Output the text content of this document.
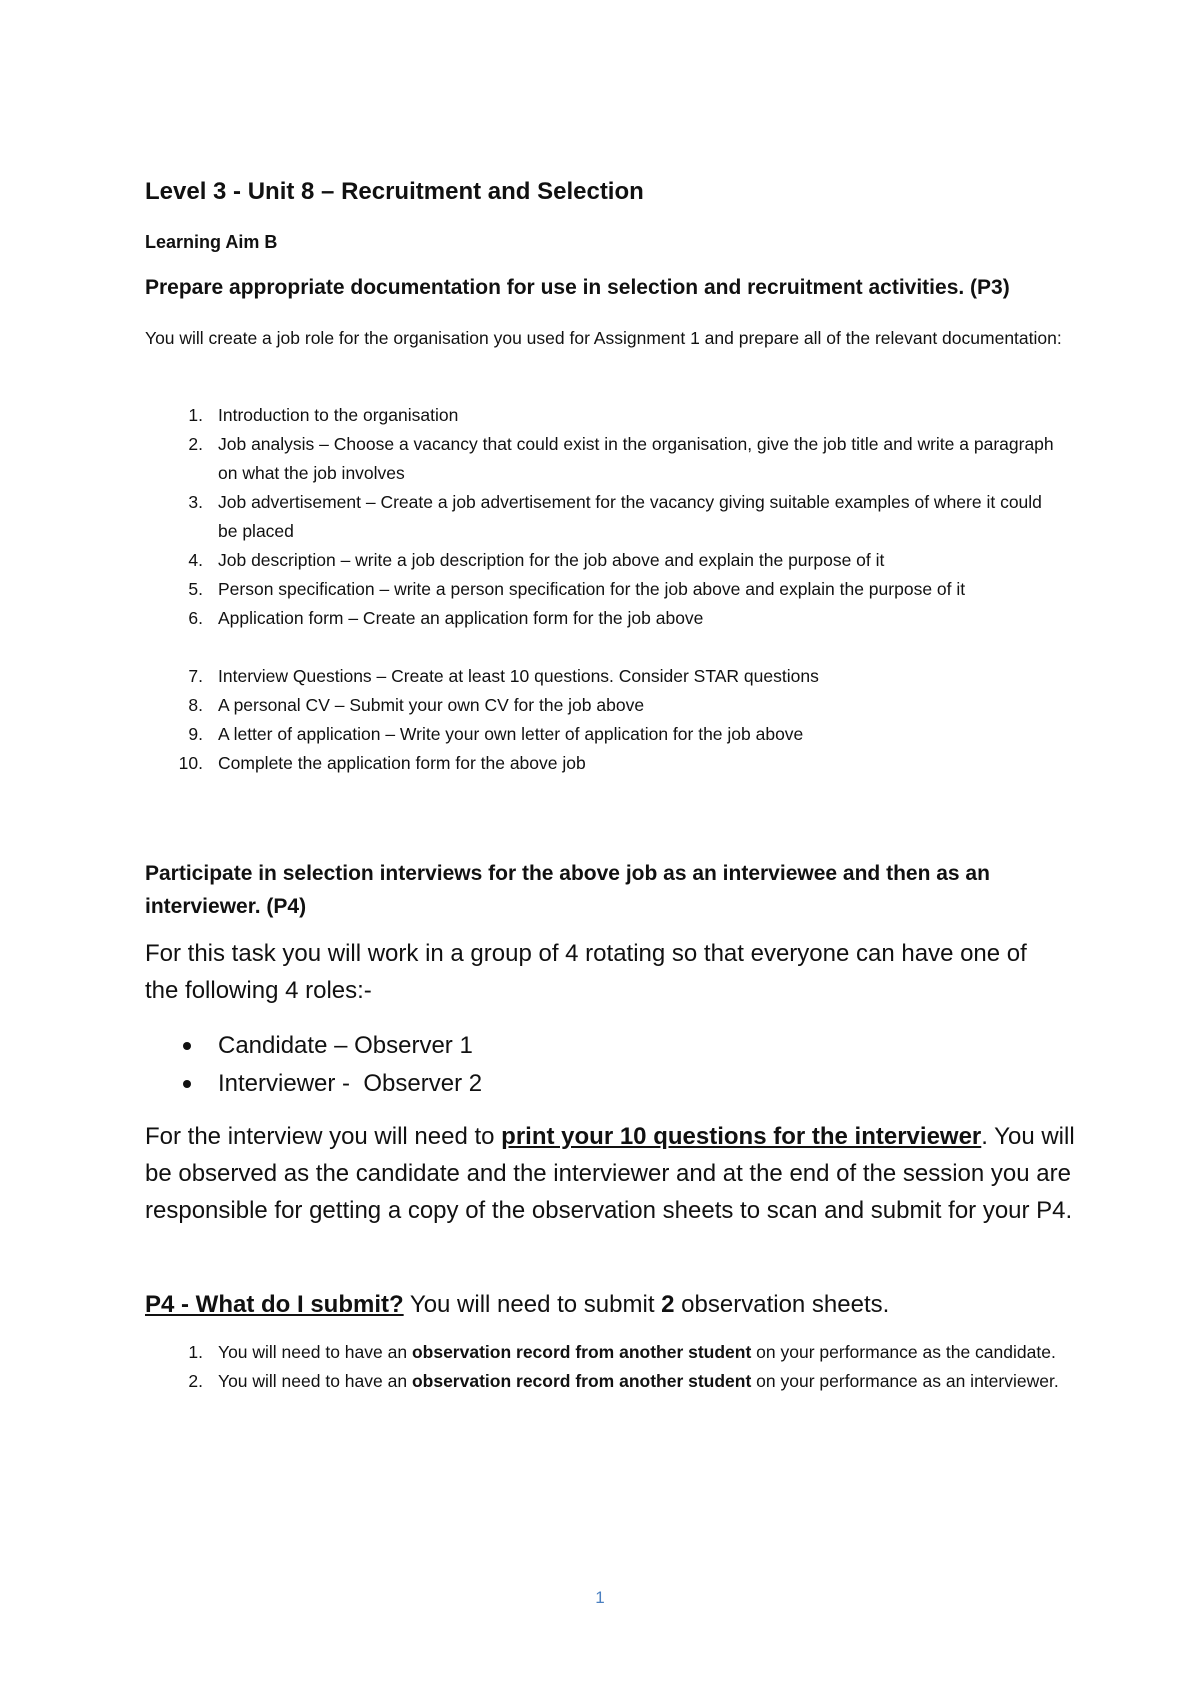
Level 3 - Unit 8 – Recruitment and Selection
Learning Aim B
Prepare appropriate documentation for use in selection and recruitment activities. (P3)

You will create a job role for the organisation you used for Assignment 1 and prepare all of the relevant documentation:

1. Introduction to the organisation
2. Job analysis – Choose a vacancy that could exist in the organisation, give the job title and write a paragraph on what the job involves
3. Job advertisement – Create a job advertisement for the vacancy giving suitable examples of where it could be placed
4. Job description – write a job description for the job above and explain the purpose of it
5. Person specification – write a person specification for the job above and explain the purpose of it
6. Application form – Create an application form for the job above
7. Interview Questions – Create at least 10 questions. Consider STAR questions
8. A personal CV – Submit your own CV for the job above
9. A letter of application – Write your own letter of application for the job above
10. Complete the application form for the above job
Participate in selection interviews for the above job as an interviewee and then as an interviewer. (P4)

For this task you will work in a group of 4 rotating so that everyone can have one of the following 4 roles:-

Candidate – Observer 1
Interviewer -  Observer 2

For the interview you will need to print your 10 questions for the interviewer. You will be observed as the candidate and the interviewer and at the end of the session you are responsible for getting a copy of the observation sheets to scan and submit for your P4.

P4 - What do I submit? You will need to submit 2 observation sheets.

1. You will need to have an observation record from another student on your performance as the candidate.
2. You will need to have an observation record from another student on your performance as an interviewer.
1
